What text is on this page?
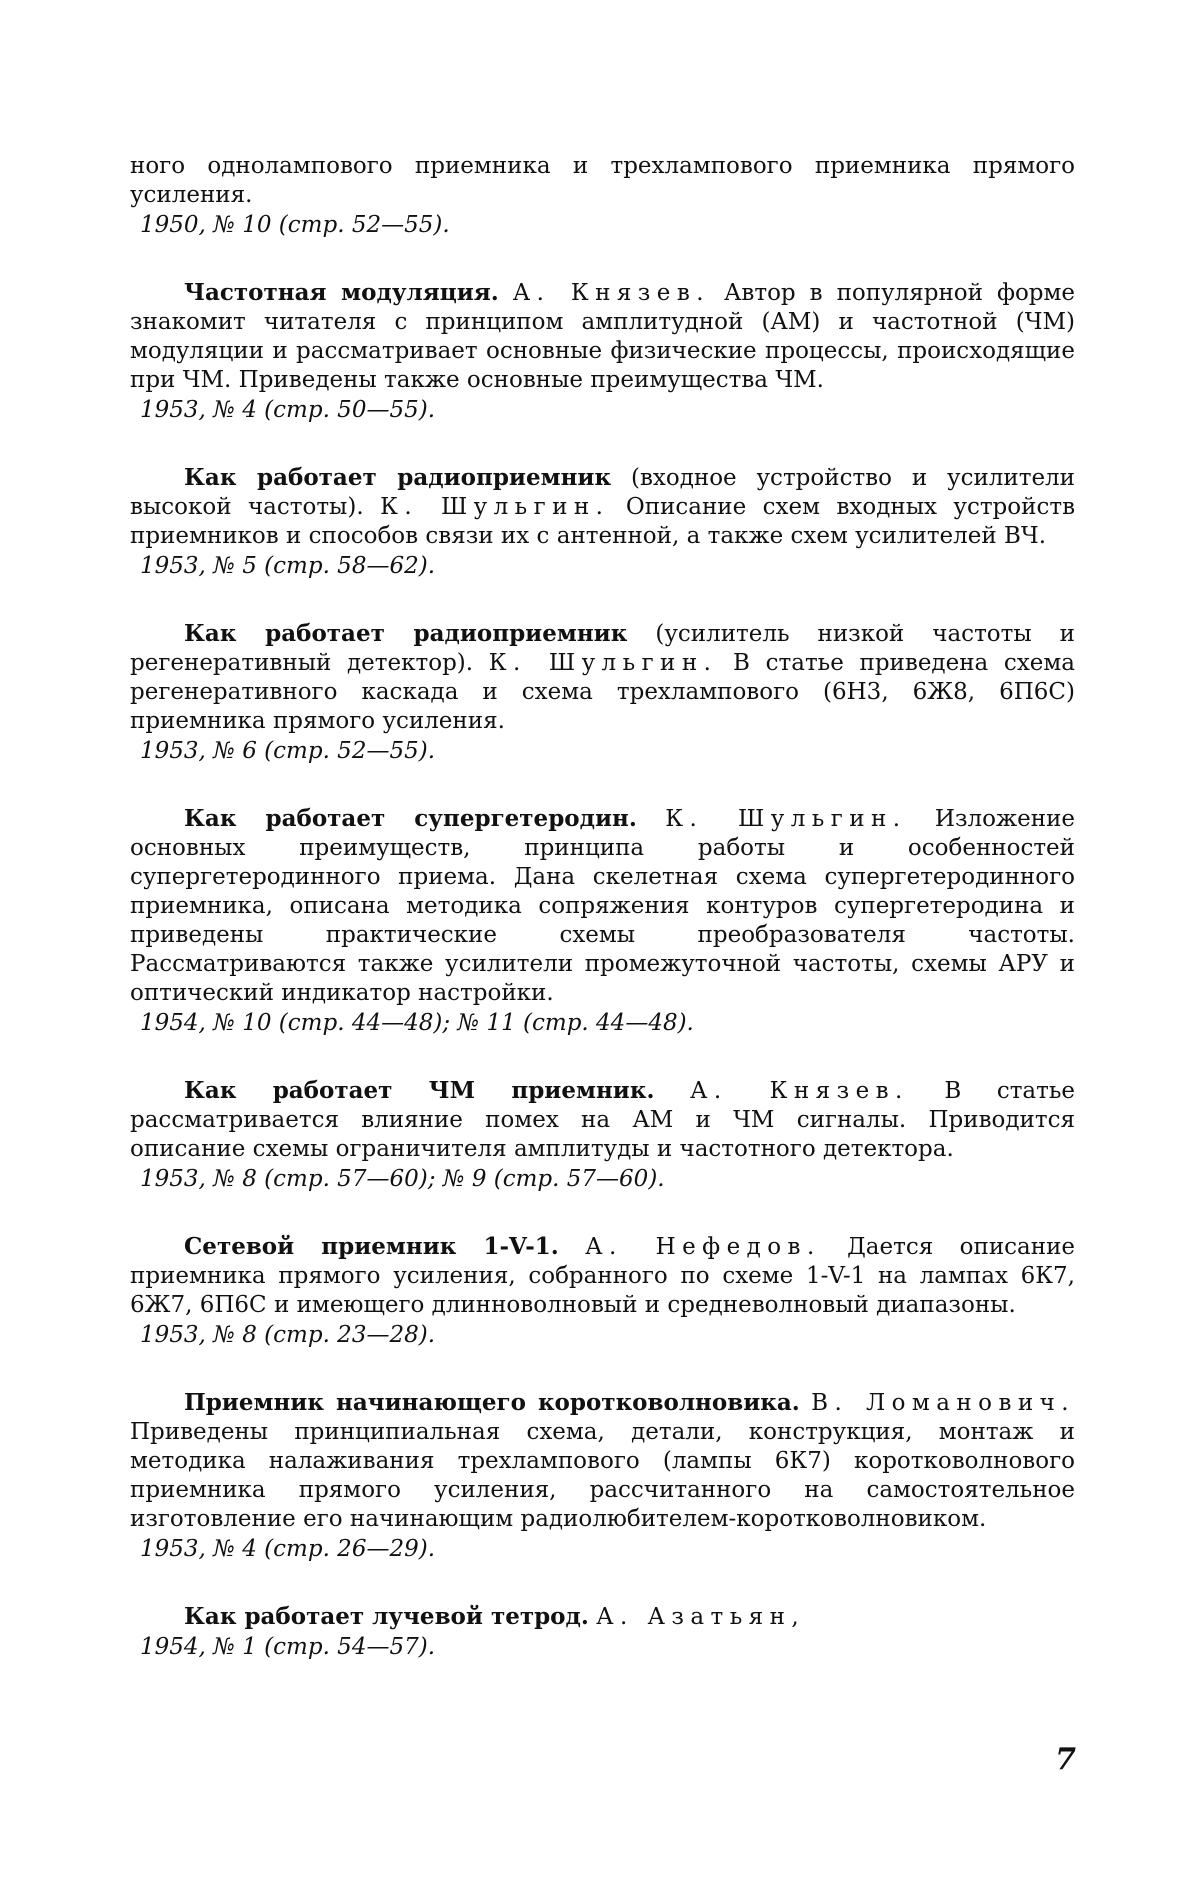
ного однолампового приемника и трехлампового приемника прямого усиления.

1950, № 10 (стр. 52—55).

Частотная модуляция. А. Князев. Автор в популярной форме знакомит читателя с принципом амплитудной (АМ) и частотной (ЧМ) модуляции и рассматривает основные физические процессы, происходящие при ЧМ. Приведены также основные преимущества ЧМ.

1953, № 4 (стр. 50—55).

Как работает радиоприемник (входное устройство и усилители высокой частоты). К. Шульгин. Описание схем входных устройств приемников и способов связи их с антенной, а также схем усилителей ВЧ.

1953, № 5 (стр. 58—62).

Как работает радиоприемник (усилитель низкой частоты и регенеративный детектор). К. Шульгин. В статье приведена схема регенеративного каскада и схема трехлампового (6Н3, 6Ж8, 6П6С) приемника прямого усиления.

1953, № 6 (стр. 52—55).

Как работает супергетеродин. К. Шульгин. Изложение основных преимуществ, принципа работы и особенностей супергетеродинного приема. Дана скелетная схема супергетеродинного приемника, описана методика сопряжения контуров супергетеродина и приведены практические схемы преобразователя частоты. Рассматриваются также усилители промежуточной частоты, схемы АРУ и оптический индикатор настройки.

1954, № 10 (стр. 44—48); № 11 (стр. 44—48).

Как работает ЧМ приемник. А. Князев. В статье рассматривается влияние помех на АМ и ЧМ сигналы. Приводится описание схемы ограничителя амплитуды и частотного детектора.

1953, № 8 (стр. 57—60); № 9 (стр. 57—60).

Сетевой приемник 1-V-1. А. Нефедов. Дается описание приемника прямого усиления, собранного по схеме 1-V-1 на лампах 6К7, 6Ж7, 6П6С и имеющего длинноволновый и средневолновый диапазоны.

1953, № 8 (стр. 23—28).

Приемник начинающего коротковолновика. В. Ломанович. Приведены принципиальная схема, детали, конструкция, монтаж и методика налаживания трехлампового (лампы 6К7) коротковолнового приемника прямого усиления, рассчитанного на самостоятельное изготовление его начинающим радиолюбителем-коротковолновиком.

1953, № 4 (стр. 26—29).

Как работает лучевой тетрод. А. Азатьян,

1954, № 1 (стр. 54—57).
7
